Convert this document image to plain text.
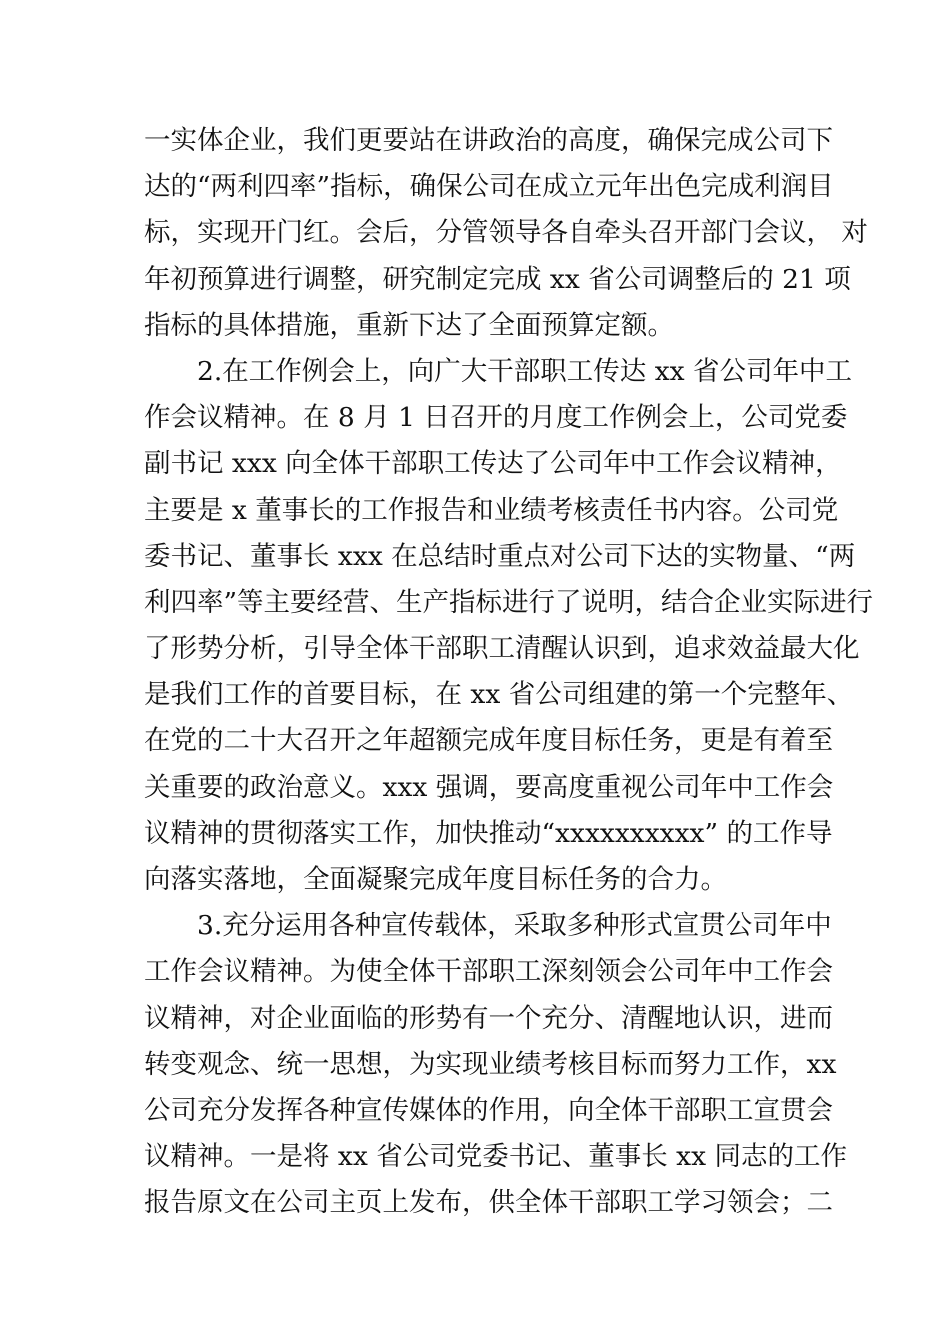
一实体企业，我们更要站在讲政治的高度，确保完成公司下
达的“两利四率”指标，确保公司在成立元年出色完成利润目
标，实现开门红。会后，分管领导各自牵头召开部门会议， 对
年初预算进行调整，研究制定完成 xx 省公司调整后的 21 项
指标的具体措施，重新下达了全面预算定额。
2.在工作例会上，向广大干部职工传达 xx 省公司年中工
作会议精神。在 8 月 1 日召开的月度工作例会上，公司党委
副书记 xxx 向全体干部职工传达了公司年中工作会议精神，
主要是 x 董事长的工作报告和业绩考核责任书内容。公司党
委书记、董事长 xxx 在总结时重点对公司下达的实物量、“两
利四率”等主要经营、生产指标进行了说明，结合企业实际进行
了形势分析，引导全体干部职工清醒认识到，追求效益最大化
是我们工作的首要目标，在 xx 省公司组建的第一个完整年、
在党的二十大召开之年超额完成年度目标任务，更是有着至
关重要的政治意义。xxx 强调，要高度重视公司年中工作会
议精神的贯彻落实工作，加快推动“xxxxxxxxxx” 的工作导
向落实落地，全面凝聚完成年度目标任务的合力。
3.充分运用各种宣传载体，采取多种形式宣贯公司年中
工作会议精神。为使全体干部职工深刻领会公司年中工作会
议精神，对企业面临的形势有一个充分、清醒地认识，进而
转变观念、统一思想，为实现业绩考核目标而努力工作，xx
公司充分发挥各种宣传媒体的作用，向全体干部职工宣贯会
议精神。一是将 xx 省公司党委书记、董事长 xx 同志的工作
报告原文在公司主页上发布，供全体干部职工学习领会；二
